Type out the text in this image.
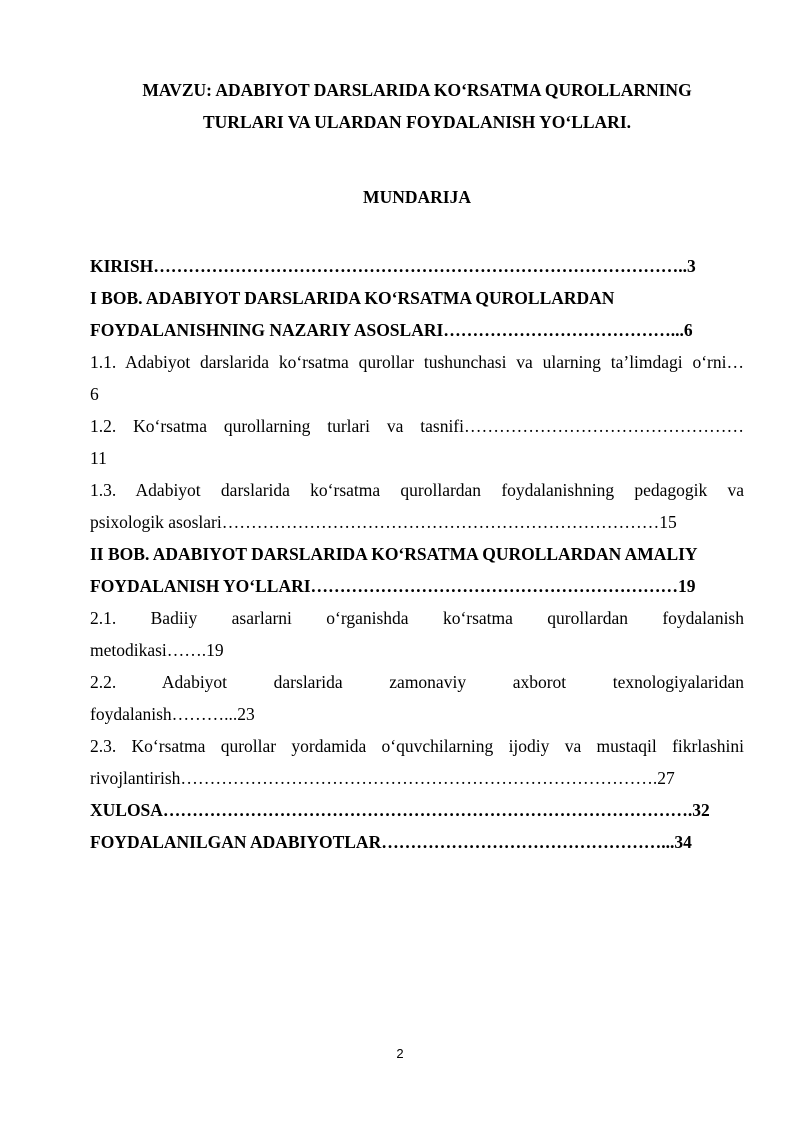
MAVZU: ADABIYOT DARSLARIDA KO‘RSATMA QUROLLARNING
TURLARI VA ULARDAN FOYDALANISH YO‘LLARI.
MUNDARIJA
KIRISH………………………………………………………………………………..3
I BOB. ADABIYOT DARSLARIDA KO‘RSATMA QUROLLARDAN
FOYDALANISHNING NAZARIY ASOSLARI…………………………………...6
1.1. Adabiyot darslarida ko‘rsatma qurollar tushunchasi va ularning ta’limdagi o‘rni…
6
1.2. Ko‘rsatma qurollarning turlari va tasnifi…………………………………………
11
1.3. Adabiyot darslarida ko‘rsatma qurollardan foydalanishning pedagogik va
psixologik asoslari…………………………………………………………………15
II BOB. ADABIYOT DARSLARIDA KO‘RSATMA QUROLLARDAN AMALIY
FOYDALANISH YO‘LLARI………………………………………………………19
2.1. Badiiy asarlarni o‘rganishda ko‘rsatma qurollardan foydalanish
metodikasi…….19
2.2. Adabiyot darslarida zamonaviy axborot texnologiyalaridan
foydalanish………...23
2.3. Ko‘rsatma qurollar yordamida o‘quvchilarning ijodiy va mustaqil fikrlashini
rivojlantirish……………………………………………………………………….27
XULOSA……………………………………………………………………………….32
FOYDALANILGAN ADABIYOTLAR…………………………………………...34
2
